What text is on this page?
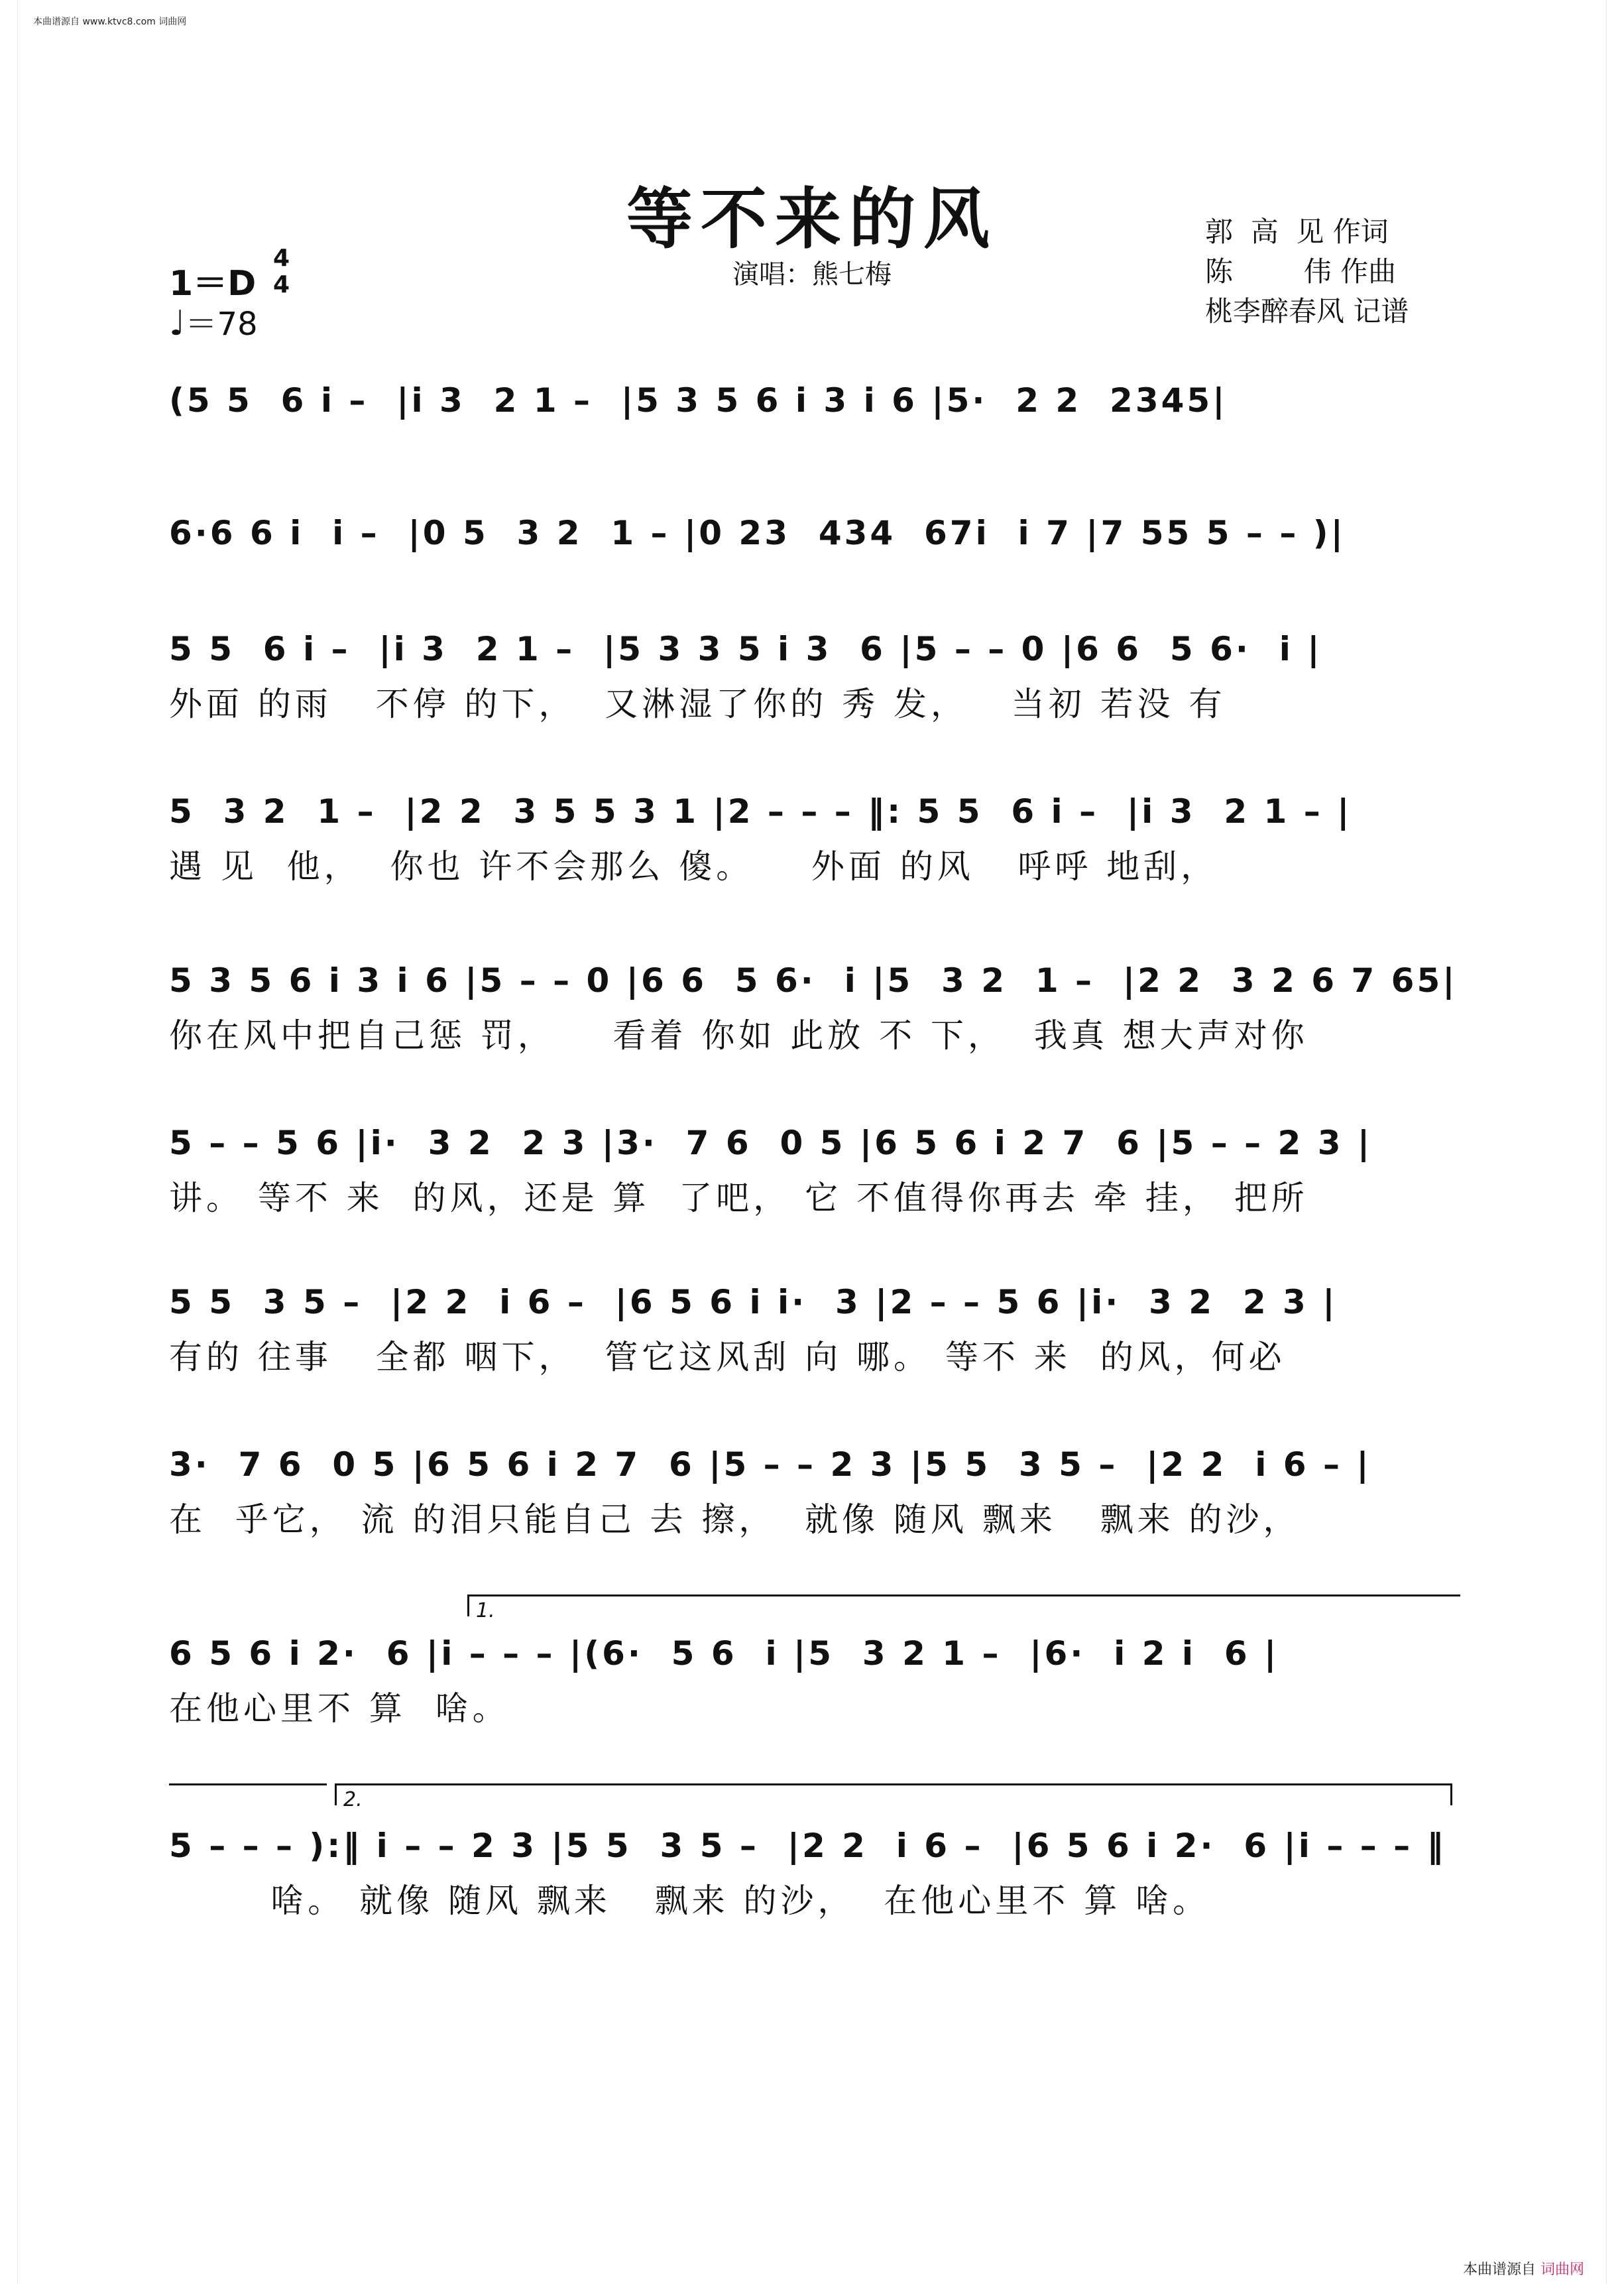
本曲谱源自 www.ktvc8.com 词曲网
等不来的风
演唱：熊七梅
郭  高  见 作词
陈        伟 作曲
桃李醉春风 记谱
1＝D
4
4
♩＝78
(5 5  6 i –  |i 3  2 1 –  |5 3 5 6 i 3 i 6 |5·  2 2  2345|
6·6 6 i  i –  |0 5  3 2  1 – |0 23  434  67i  i 7 |7 55 5 – – )|
5 5  6 i –  |i 3  2 1 –  |5 3 3 5 i 3  6 |5 – – 0 |6 6  5 6·  i |
外面 的雨   不停 的下，  又淋湿了你的 秀 发，   当初 若没 有
5  3 2  1 –  |2 2  3 5 5 3 1 |2 – – – ‖: 5 5  6 i –  |i 3  2 1 – |
遇 见  他，  你也 许不会那么 傻。    外面 的风   呼呼 地刮，
5 3 5 6 i 3 i 6 |5 – – 0 |6 6  5 6·  i |5  3 2  1 –  |2 2  3 2 6 7 65|
你在风中把自己惩 罚，    看着 你如 此放 不 下，  我真 想大声对你
5 – – 5 6 |i·  3 2  2 3 |3·  7 6  0 5 |6 5 6 i 2 7  6 |5 – – 2 3 |
讲。 等不 来  的风，还是 算  了吧， 它 不值得你再去 牵 挂， 把所
5 5  3 5 –  |2 2  i 6 –  |6 5 6 i i·  3 |2 – – 5 6 |i·  3 2  2 3 |
有的 往事   全都 咽下，  管它这风刮 向 哪。 等不 来  的风，何必
3·  7 6  0 5 |6 5 6 i 2 7  6 |5 – – 2 3 |5 5  3 5 –  |2 2  i 6 – |
在  乎它， 流 的泪只能自己 去 擦，  就像 随风 飘来   飘来 的沙，
1.
6 5 6 i 2·  6 |i – – – |(6·  5 6  i |5  3 2 1 –  |6·  i 2 i  6 |
在他心里不 算  啥。
2.
5 – – – ):‖ i – – 2 3 |5 5  3 5 –  |2 2  i 6 –  |6 5 6 i 2·  6 |i – – – ‖
啥。 就像 随风 飘来   飘来 的沙，  在他心里不 算 啥。
本曲谱源自 词曲网
